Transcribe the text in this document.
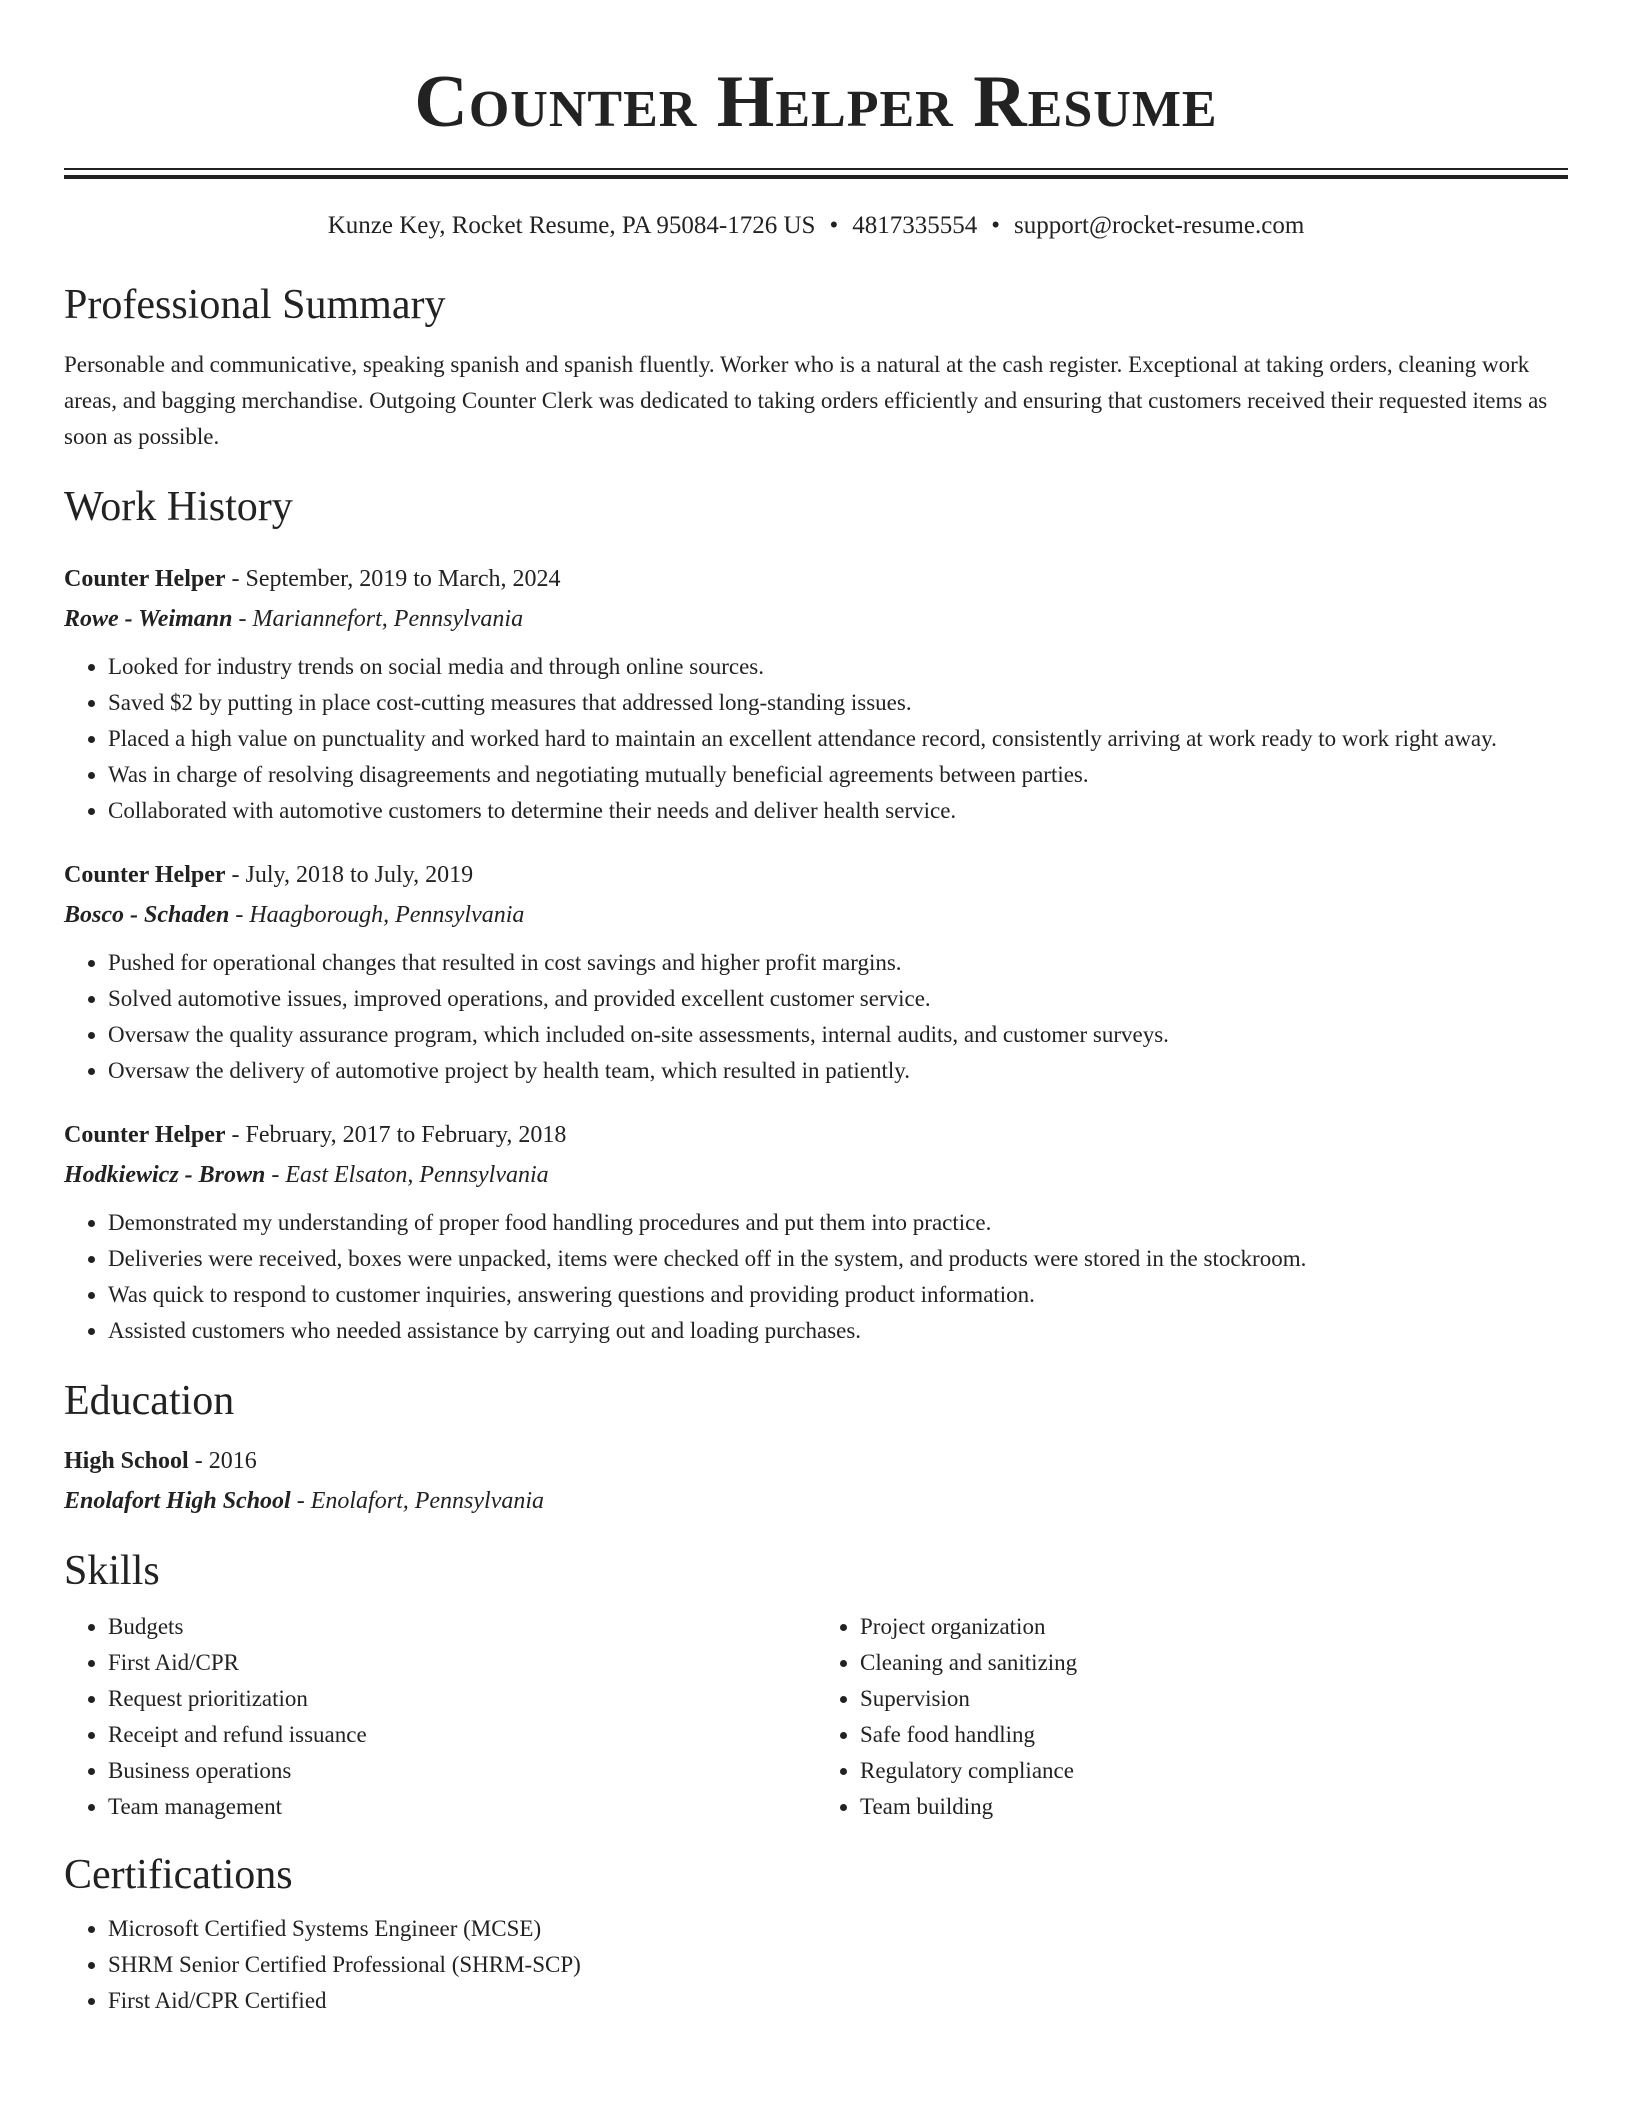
Counter Helper Resume
Kunze Key, Rocket Resume, PA 95084-1726 US • 4817335554 • support@rocket-resume.com
Professional Summary

Personable and communicative, speaking spanish and spanish fluently. Worker who is a natural at the cash register. Exceptional at taking orders, cleaning work areas, and bagging merchandise. Outgoing Counter Clerk was dedicated to taking orders efficiently and ensuring that customers received their requested items as soon as possible.

Work History
Counter Helper - September, 2019 to March, 2024
Rowe - Weimann - Mariannefort, Pennsylvania
• Looked for industry trends on social media and through online sources.
• Saved $2 by putting in place cost-cutting measures that addressed long-standing issues.
• Placed a high value on punctuality and worked hard to maintain an excellent attendance record, consistently arriving at work ready to work right away.
• Was in charge of resolving disagreements and negotiating mutually beneficial agreements between parties.
• Collaborated with automotive customers to determine their needs and deliver health service.
Counter Helper - July, 2018 to July, 2019
Bosco - Schaden - Haagborough, Pennsylvania
• Pushed for operational changes that resulted in cost savings and higher profit margins.
• Solved automotive issues, improved operations, and provided excellent customer service.
• Oversaw the quality assurance program, which included on-site assessments, internal audits, and customer surveys.
• Oversaw the delivery of automotive project by health team, which resulted in patiently.
Counter Helper - February, 2017 to February, 2018
Hodkiewicz - Brown - East Elsaton, Pennsylvania
• Demonstrated my understanding of proper food handling procedures and put them into practice.
• Deliveries were received, boxes were unpacked, items were checked off in the system, and products were stored in the stockroom.
• Was quick to respond to customer inquiries, answering questions and providing product information.
• Assisted customers who needed assistance by carrying out and loading purchases.
Education
High School - 2016
Enolafort High School - Enolafort, Pennsylvania
Skills
• Budgets
• First Aid/CPR
• Request prioritization
• Receipt and refund issuance
• Business operations
• Team management
• Project organization
• Cleaning and sanitizing
• Supervision
• Safe food handling
• Regulatory compliance
• Team building
Certifications
• Microsoft Certified Systems Engineer (MCSE)
• SHRM Senior Certified Professional (SHRM-SCP)
• First Aid/CPR Certified
